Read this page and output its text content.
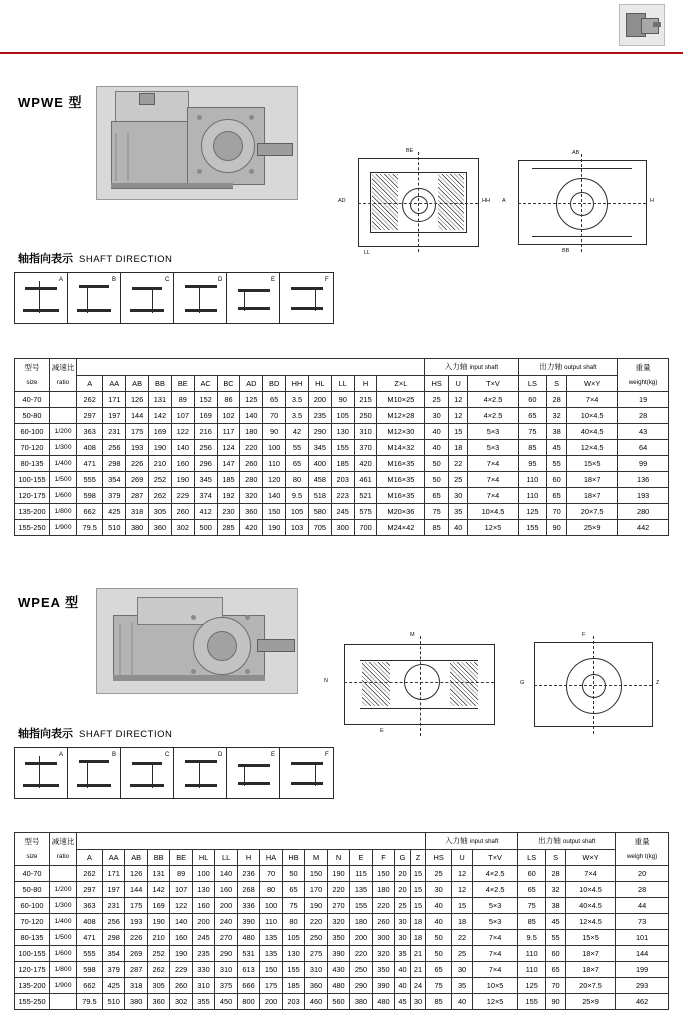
WPWE 型
BE
AD	HH
LL
AB
A	H
BB
轴指向表示 SHAFT DIRECTION
A	B	C	D	E	F
型号
size	减速比
ratio															入力轴 input shaft			出力轴 output shaft			重量
weight(kg)

		A	AA	AB	BB	BE	AC	BC	AD	BD	HH	HL	LL	H	Z×L	HS	U	T×V	LS	S	W×Y	
40-70		262	171	126	131	89	152	86	125	65	3.5	200	90	215	M10×25	25	12	4×2.5	60	28	7×4	19
50-80		297	197	144	142	107	169	102	140	70	3.5	235	105	250	M12×28	30	12	4×2.5	65	32	10×4.5	28
60-100	1/200	363	231	175	169	122	216	117	180	90	42	290	130	310	M12×30	40	15	5×3	75	38	40×4.5	43
70-120	1/300	408	256	193	190	140	256	124	220	100	55	345	155	370	M14×32	40	18	5×3	85	45	12×4.5	64
80-135	1/400	471	298	226	210	160	296	147	260	110	65	400	185	420	M16×35	50	22	7×4	95	55	15×5	99
100-155	1/500	555	354	269	252	190	345	185	280	120	80	458	203	461	M16×35	50	25	7×4	110	60	18×7	136
120-175	1/600	598	379	287	262	229	374	192	320	140	9.5	518	223	521	M16×35	65	30	7×4	110	65	18×7	193
135-200	1/800	662	425	318	305	260	412	230	360	150	105	580	245	575	M20×36	75	35	10×4.5	125	70	20×7.5	280
155-250	1/900	79.5	510	380	360	302	500	285	420	190	103	705	300	700	M24×42	85	40	12×5	155	90	25×9	442
WPEA 型
M
N
E
F
G	Z
轴指向表示 SHAFT DIRECTION
A	B	C	D	E	F
型号
size	减速比
ratio																	入力轴 input shaft			出力轴 output shaft			重量
weigh t(kg)

		A	AA	AB	BB	BE	HL	LL	H	HA	HB	M	N	E	F	G	Z	HS	U	T×V	LS	S	W×Y	
40-70		262	171	126	131	89	100	140	236	70	50	150	190	115	150	20	15	25	12	4×2.5	60	28	7×4	20
50-80	1/200	297	197	144	142	107	130	160	268	80	65	170	220	135	180	20	15	30	12	4×2.5	65	32	10×4.5	28
60-100	1/300	363	231	175	169	122	160	200	336	100	75	190	270	155	220	25	15	40	15	5×3	75	38	40×4.5	44
70-120	1/400	408	256	193	190	140	200	240	390	110	80	220	320	180	260	30	18	40	18	5×3	85	45	12×4.5	73
80-135	1/500	471	298	226	210	160	245	270	480	135	105	250	350	200	300	30	18	50	22	7×4	9.5	55	15×5	101
100-155	1/600	555	354	269	252	190	235	290	531	135	130	275	390	220	320	35	21	50	25	7×4	110	60	18×7	144
120-175	1/800	598	379	287	262	229	330	310	613	150	155	310	430	250	350	40	21	65	30	7×4	110	65	18×7	199
135-200	1/900	662	425	318	305	260	310	375	666	175	185	360	480	290	390	40	24	75	35	10×5	125	70	20×7.5	293
155-250		79.5	510	380	360	302	355	450	800	200	203	460	560	380	480	45	30	85	40	12×5	155	90	25×9	462
